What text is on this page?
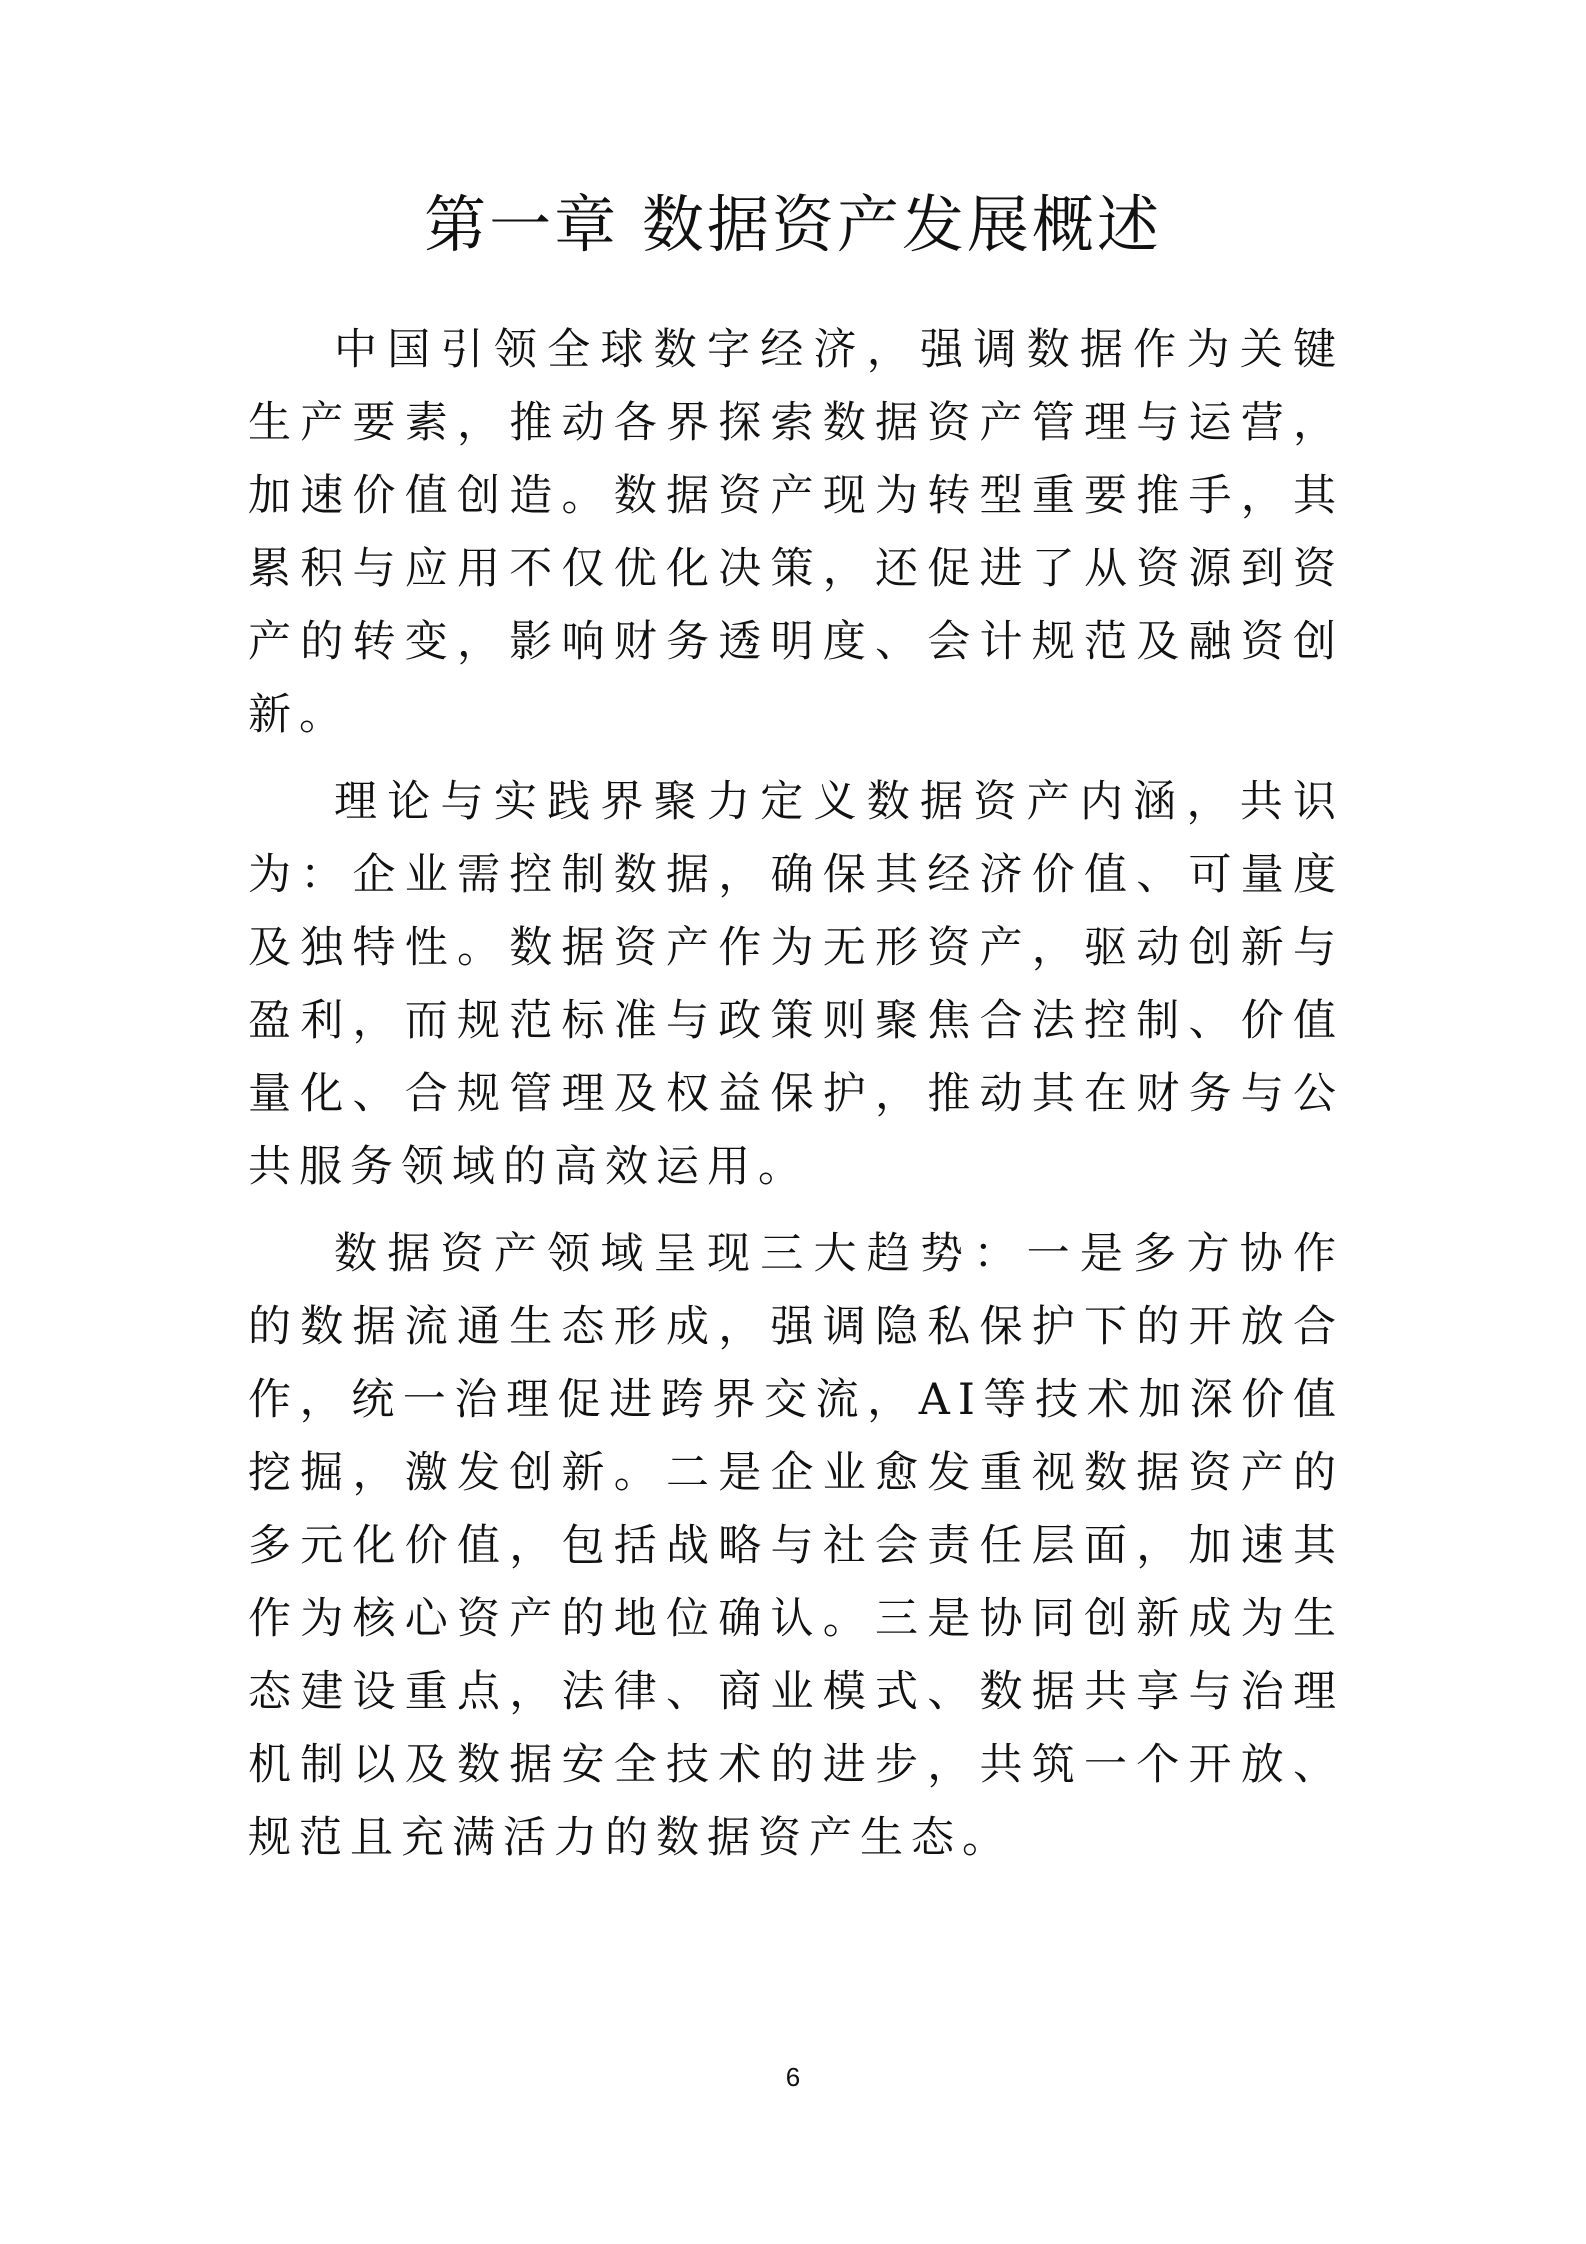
第一章 数据资产发展概述

中国引领全球数字经济，强调数据作为关键生产要素，推动各界探索数据资产管理与运营，加速价值创造。数据资产现为转型重要推手，其累积与应用不仅优化决策，还促进了从资源到资产的转变，影响财务透明度、会计规范及融资创新。

理论与实践界聚力定义数据资产内涵，共识为：企业需控制数据，确保其经济价值、可量度及独特性。数据资产作为无形资产，驱动创新与盈利，而规范标准与政策则聚焦合法控制、价值量化、合规管理及权益保护，推动其在财务与公共服务领域的高效运用。

数据资产领域呈现三大趋势：一是多方协作的数据流通生态形成，强调隐私保护下的开放合作，统一治理促进跨界交流，AI等技术加深价值挖掘，激发创新。二是企业愈发重视数据资产的多元化价值，包括战略与社会责任层面，加速其作为核心资产的地位确认。三是协同创新成为生态建设重点，法律、商业模式、数据共享与治理机制以及数据安全技术的进步，共筑一个开放、规范且充满活力的数据资产生态。

6
